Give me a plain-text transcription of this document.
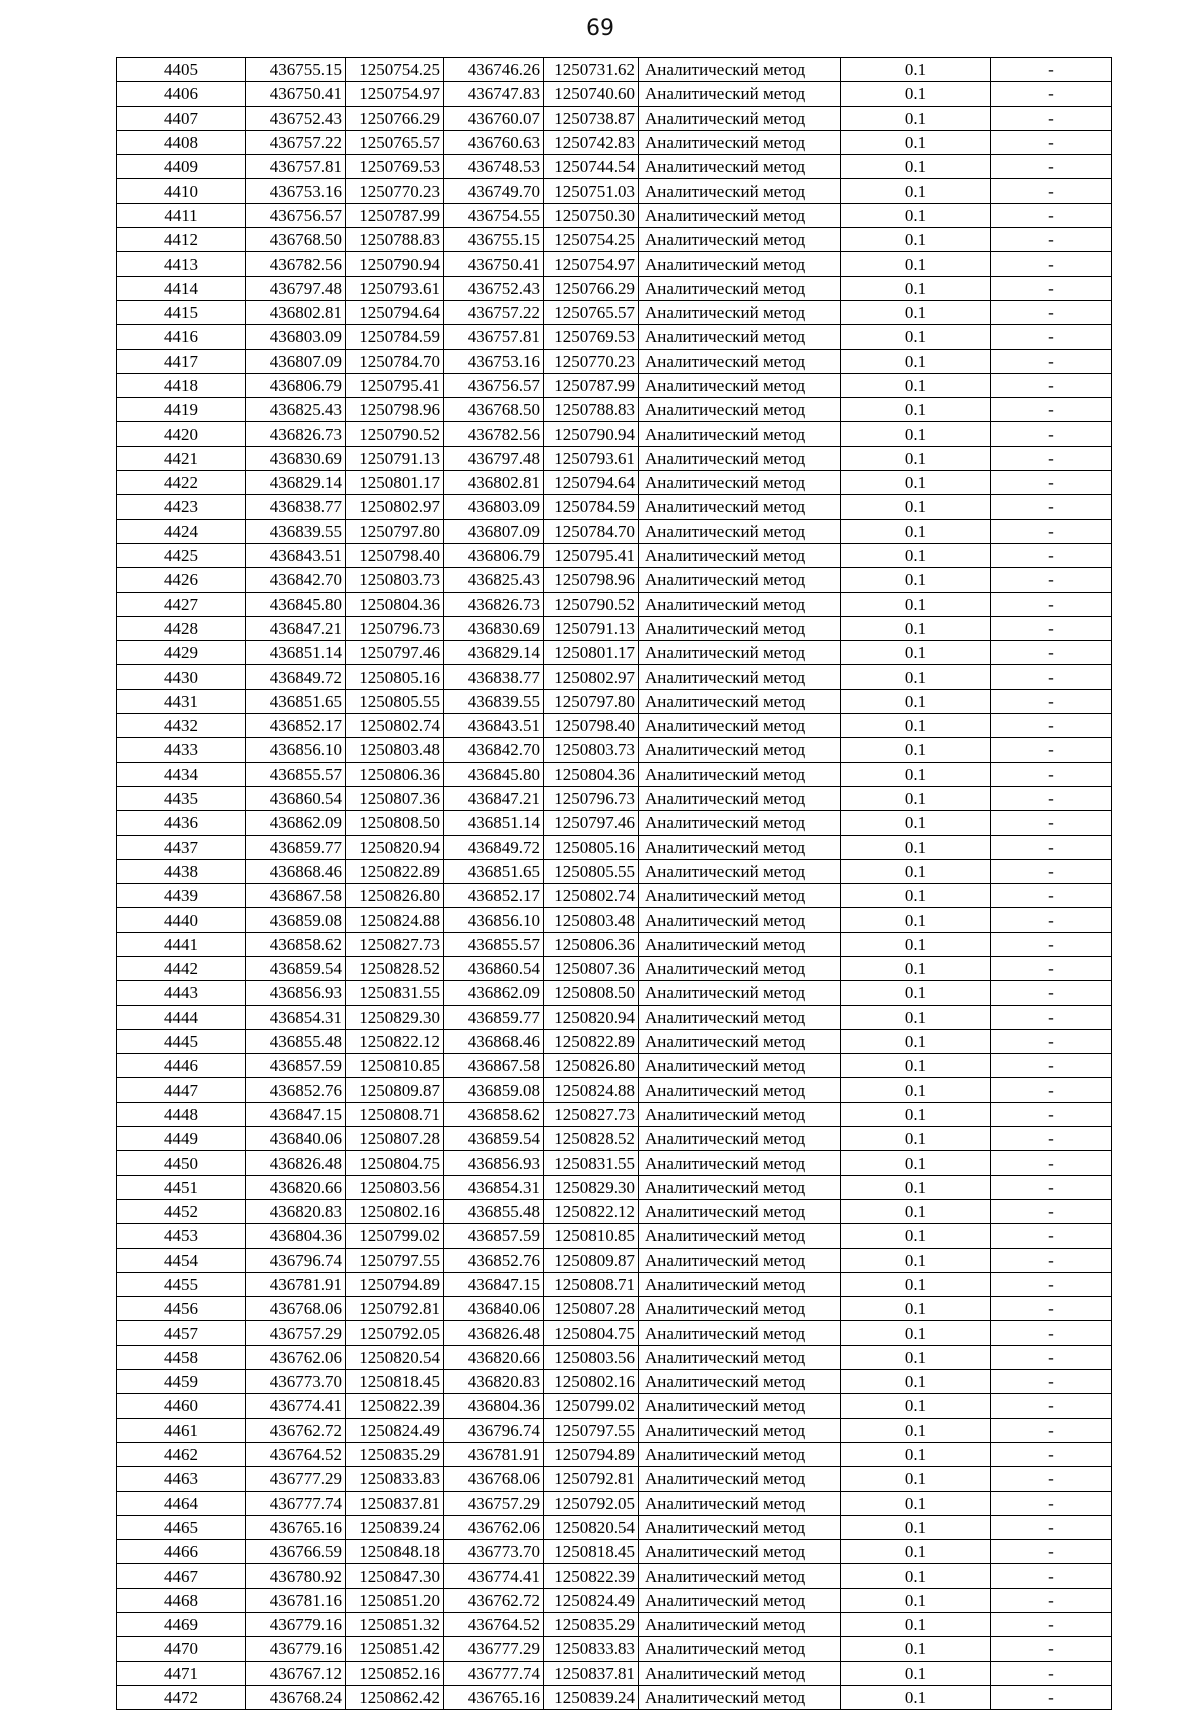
69
4405	436755.15	1250754.25	436746.26	1250731.62	Аналитический метод	0.1	-
4406	436750.41	1250754.97	436747.83	1250740.60	Аналитический метод	0.1	-
4407	436752.43	1250766.29	436760.07	1250738.87	Аналитический метод	0.1	-
4408	436757.22	1250765.57	436760.63	1250742.83	Аналитический метод	0.1	-
4409	436757.81	1250769.53	436748.53	1250744.54	Аналитический метод	0.1	-
4410	436753.16	1250770.23	436749.70	1250751.03	Аналитический метод	0.1	-
4411	436756.57	1250787.99	436754.55	1250750.30	Аналитический метод	0.1	-
4412	436768.50	1250788.83	436755.15	1250754.25	Аналитический метод	0.1	-
4413	436782.56	1250790.94	436750.41	1250754.97	Аналитический метод	0.1	-
4414	436797.48	1250793.61	436752.43	1250766.29	Аналитический метод	0.1	-
4415	436802.81	1250794.64	436757.22	1250765.57	Аналитический метод	0.1	-
4416	436803.09	1250784.59	436757.81	1250769.53	Аналитический метод	0.1	-
4417	436807.09	1250784.70	436753.16	1250770.23	Аналитический метод	0.1	-
4418	436806.79	1250795.41	436756.57	1250787.99	Аналитический метод	0.1	-
4419	436825.43	1250798.96	436768.50	1250788.83	Аналитический метод	0.1	-
4420	436826.73	1250790.52	436782.56	1250790.94	Аналитический метод	0.1	-
4421	436830.69	1250791.13	436797.48	1250793.61	Аналитический метод	0.1	-
4422	436829.14	1250801.17	436802.81	1250794.64	Аналитический метод	0.1	-
4423	436838.77	1250802.97	436803.09	1250784.59	Аналитический метод	0.1	-
4424	436839.55	1250797.80	436807.09	1250784.70	Аналитический метод	0.1	-
4425	436843.51	1250798.40	436806.79	1250795.41	Аналитический метод	0.1	-
4426	436842.70	1250803.73	436825.43	1250798.96	Аналитический метод	0.1	-
4427	436845.80	1250804.36	436826.73	1250790.52	Аналитический метод	0.1	-
4428	436847.21	1250796.73	436830.69	1250791.13	Аналитический метод	0.1	-
4429	436851.14	1250797.46	436829.14	1250801.17	Аналитический метод	0.1	-
4430	436849.72	1250805.16	436838.77	1250802.97	Аналитический метод	0.1	-
4431	436851.65	1250805.55	436839.55	1250797.80	Аналитический метод	0.1	-
4432	436852.17	1250802.74	436843.51	1250798.40	Аналитический метод	0.1	-
4433	436856.10	1250803.48	436842.70	1250803.73	Аналитический метод	0.1	-
4434	436855.57	1250806.36	436845.80	1250804.36	Аналитический метод	0.1	-
4435	436860.54	1250807.36	436847.21	1250796.73	Аналитический метод	0.1	-
4436	436862.09	1250808.50	436851.14	1250797.46	Аналитический метод	0.1	-
4437	436859.77	1250820.94	436849.72	1250805.16	Аналитический метод	0.1	-
4438	436868.46	1250822.89	436851.65	1250805.55	Аналитический метод	0.1	-
4439	436867.58	1250826.80	436852.17	1250802.74	Аналитический метод	0.1	-
4440	436859.08	1250824.88	436856.10	1250803.48	Аналитический метод	0.1	-
4441	436858.62	1250827.73	436855.57	1250806.36	Аналитический метод	0.1	-
4442	436859.54	1250828.52	436860.54	1250807.36	Аналитический метод	0.1	-
4443	436856.93	1250831.55	436862.09	1250808.50	Аналитический метод	0.1	-
4444	436854.31	1250829.30	436859.77	1250820.94	Аналитический метод	0.1	-
4445	436855.48	1250822.12	436868.46	1250822.89	Аналитический метод	0.1	-
4446	436857.59	1250810.85	436867.58	1250826.80	Аналитический метод	0.1	-
4447	436852.76	1250809.87	436859.08	1250824.88	Аналитический метод	0.1	-
4448	436847.15	1250808.71	436858.62	1250827.73	Аналитический метод	0.1	-
4449	436840.06	1250807.28	436859.54	1250828.52	Аналитический метод	0.1	-
4450	436826.48	1250804.75	436856.93	1250831.55	Аналитический метод	0.1	-
4451	436820.66	1250803.56	436854.31	1250829.30	Аналитический метод	0.1	-
4452	436820.83	1250802.16	436855.48	1250822.12	Аналитический метод	0.1	-
4453	436804.36	1250799.02	436857.59	1250810.85	Аналитический метод	0.1	-
4454	436796.74	1250797.55	436852.76	1250809.87	Аналитический метод	0.1	-
4455	436781.91	1250794.89	436847.15	1250808.71	Аналитический метод	0.1	-
4456	436768.06	1250792.81	436840.06	1250807.28	Аналитический метод	0.1	-
4457	436757.29	1250792.05	436826.48	1250804.75	Аналитический метод	0.1	-
4458	436762.06	1250820.54	436820.66	1250803.56	Аналитический метод	0.1	-
4459	436773.70	1250818.45	436820.83	1250802.16	Аналитический метод	0.1	-
4460	436774.41	1250822.39	436804.36	1250799.02	Аналитический метод	0.1	-
4461	436762.72	1250824.49	436796.74	1250797.55	Аналитический метод	0.1	-
4462	436764.52	1250835.29	436781.91	1250794.89	Аналитический метод	0.1	-
4463	436777.29	1250833.83	436768.06	1250792.81	Аналитический метод	0.1	-
4464	436777.74	1250837.81	436757.29	1250792.05	Аналитический метод	0.1	-
4465	436765.16	1250839.24	436762.06	1250820.54	Аналитический метод	0.1	-
4466	436766.59	1250848.18	436773.70	1250818.45	Аналитический метод	0.1	-
4467	436780.92	1250847.30	436774.41	1250822.39	Аналитический метод	0.1	-
4468	436781.16	1250851.20	436762.72	1250824.49	Аналитический метод	0.1	-
4469	436779.16	1250851.32	436764.52	1250835.29	Аналитический метод	0.1	-
4470	436779.16	1250851.42	436777.29	1250833.83	Аналитический метод	0.1	-
4471	436767.12	1250852.16	436777.74	1250837.81	Аналитический метод	0.1	-
4472	436768.24	1250862.42	436765.16	1250839.24	Аналитический метод	0.1	-
